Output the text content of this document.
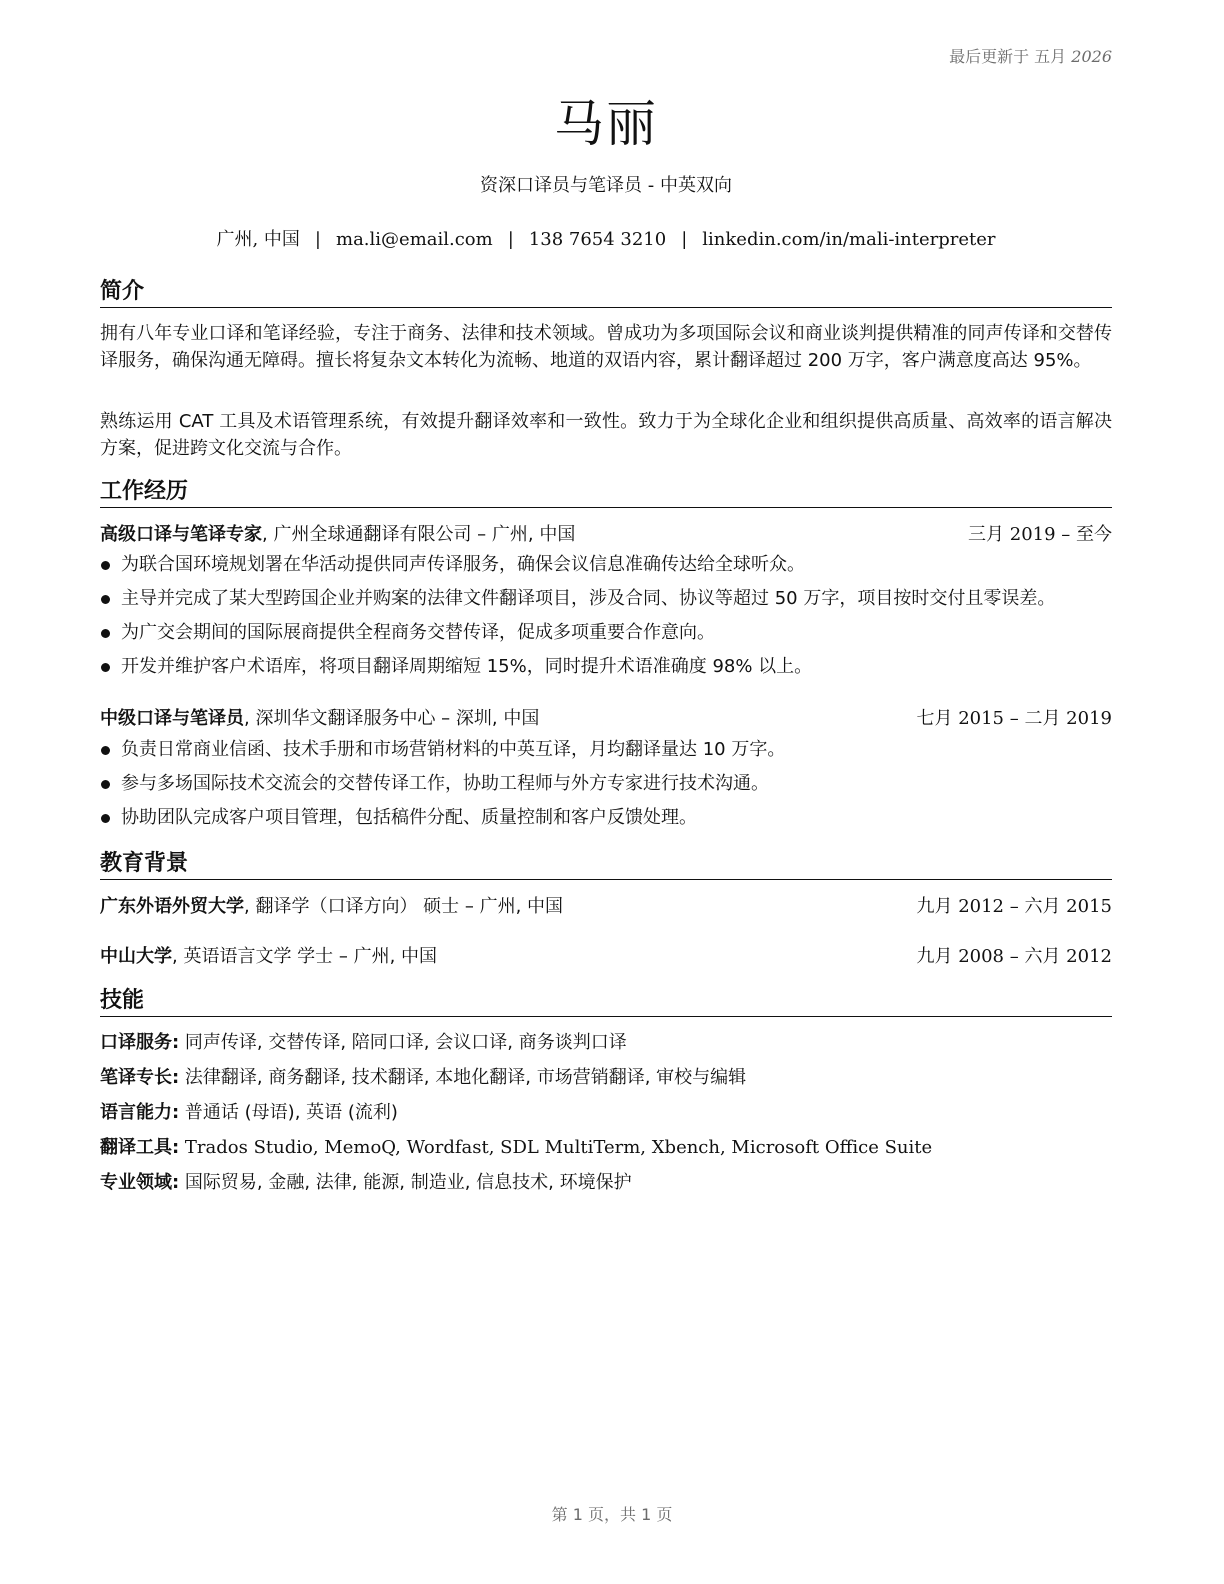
最后更新于 五月 2026
马丽
资深口译员与笔译员 - 中英双向
广州, 中国 | ma.li@email.com | 138 7654 3210 | linkedin.com/in/mali-interpreter
简介
拥有八年专业口译和笔译经验，专注于商务、法律和技术领域。曾成功为多项国际会议和商业谈判提供精准的同声传译和交替传译服务，确保沟通无障碍。擅长将复杂文本转化为流畅、地道的双语内容，累计翻译超过 200 万字，客户满意度高达 95%。
熟练运用 CAT 工具及术语管理系统，有效提升翻译效率和一致性。致力于为全球化企业和组织提供高质量、高效率的语言解决方案，促进跨文化交流与合作。
工作经历
高级口译与笔译专家, 广州全球通翻译有限公司 – 广州, 中国	三月 2019 – 至今
为联合国环境规划署在华活动提供同声传译服务，确保会议信息准确传达给全球听众。
主导并完成了某大型跨国企业并购案的法律文件翻译项目，涉及合同、协议等超过 50 万字，项目按时交付且零误差。
为广交会期间的国际展商提供全程商务交替传译，促成多项重要合作意向。
开发并维护客户术语库，将项目翻译周期缩短 15%，同时提升术语准确度 98% 以上。
中级口译与笔译员, 深圳华文翻译服务中心 – 深圳, 中国	七月 2015 – 二月 2019
负责日常商业信函、技术手册和市场营销材料的中英互译，月均翻译量达 10 万字。
参与多场国际技术交流会的交替传译工作，协助工程师与外方专家进行技术沟通。
协助团队完成客户项目管理，包括稿件分配、质量控制和客户反馈处理。
教育背景
广东外语外贸大学, 翻译学（口译方向） 硕士 – 广州, 中国	九月 2012 – 六月 2015
中山大学, 英语语言文学 学士 – 广州, 中国	九月 2008 – 六月 2012
技能
口译服务: 同声传译, 交替传译, 陪同口译, 会议口译, 商务谈判口译
笔译专长: 法律翻译, 商务翻译, 技术翻译, 本地化翻译, 市场营销翻译, 审校与编辑
语言能力: 普通话 (母语), 英语 (流利)
翻译工具: Trados Studio, MemoQ, Wordfast, SDL MultiTerm, Xbench, Microsoft Office Suite
专业领域: 国际贸易, 金融, 法律, 能源, 制造业, 信息技术, 环境保护
第 1 页，共 1 页
